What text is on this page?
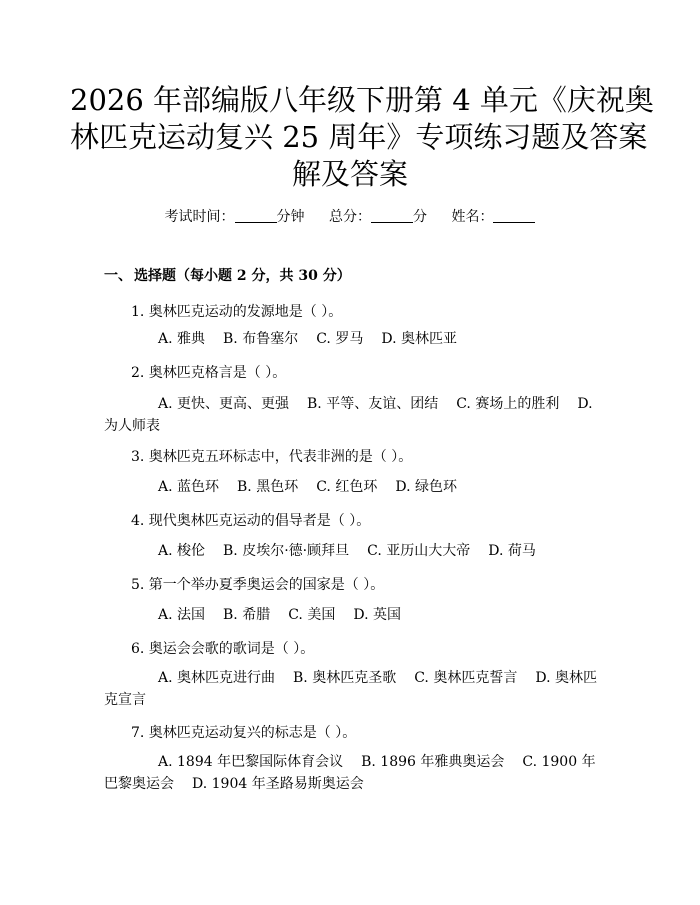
2026 年部编版八年级下册第 4 单元《庆祝奥
林匹克运动复兴 25 周年》专项练习题及答案
解及答案
考试时间：	分钟 总分：	分 姓名：
一、 选择题（每小题 2 分，共 30 分）
1. 奥林匹克运动的发源地是（ ）。
A. 雅典 B. 布鲁塞尔 C. 罗马 D. 奥林匹亚
2. 奥林匹克格言是（ ）。
A. 更快、更高、更强 B. 平等、友谊、团结 C. 赛场上的胜利 D. 为人师表
3. 奥林匹克五环标志中，代表非洲的是（ ）。
A. 蓝色环 B. 黑色环 C. 红色环 D. 绿色环
4. 现代奥林匹克运动的倡导者是（ ）。
A. 梭伦 B. 皮埃尔·德·顾拜旦 C. 亚历山大大帝 D. 荷马
5. 第一个举办夏季奥运会的国家是（ ）。
A. 法国 B. 希腊 C. 美国 D. 英国
6. 奥运会会歌的歌词是（ ）。
A. 奥林匹克进行曲 B. 奥林匹克圣歌 C. 奥林匹克誓言 D. 奥林匹克宣言
7. 奥林匹克运动复兴的标志是（ ）。
A. 1894 年巴黎国际体育会议 B. 1896 年雅典奥运会 C. 1900 年巴黎奥运会 D. 1904 年圣路易斯奥运会
